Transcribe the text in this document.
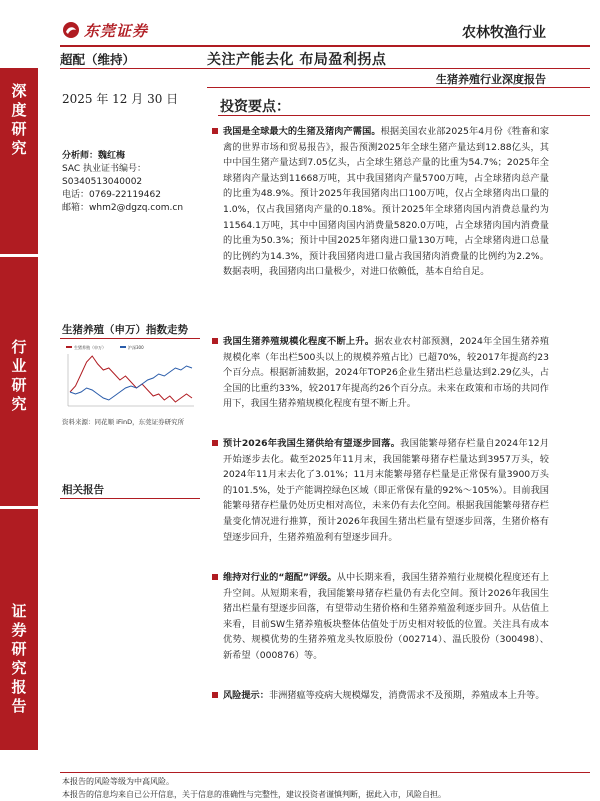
东莞证券	农林牧渔行业
深
度
研
究
行
业
研
究
证
券
研
究
报
告
超配（维持）	关注产能去化 布局盈利拐点
生猪养殖行业深度报告
2025 年 12 月 30 日
分析师：魏红梅
SAC 执业证书编号：
S0340513040002
电话：0769-22119462
邮箱：whm2@dgzq.com.cn
生猪养殖（申万）指数走势
生猪养殖（申万）	沪深300
资料来源：同花顺 iFinD，东莞证券研究所
相关报告
投资要点：
我国是全球最大的生猪及猪肉产需国。根据美国农业部2025年4月份《牲畜和家禽的世界市场和贸易报告》，报告预测2025年全球生猪产量达到12.88亿头，其中中国生猪产量达到7.05亿头，占全球生猪总产量的比重为54.7%；2025年全球猪肉产量达到11668万吨，其中我国猪肉产量5700万吨，占全球猪肉总产量的比重为48.9%。预计2025年我国猪肉出口100万吨，仅占全球猪肉出口量的1.0%，仅占我国猪肉产量的0.18%。预计2025年全球猪肉国内消费总量约为11564.1万吨，其中中国猪肉国内消费量5820.0万吨，占全球猪肉国内消费量的比重为50.3%；预计中国2025年猪肉进口量130万吨，占全球猪肉进口总量的比例约为14.3%，预计我国猪肉进口量占我国猪肉消费量的比例约为2.2%。数据表明，我国猪肉出口量极少，对进口依赖低，基本自给自足。
我国生猪养殖规模化程度不断上升。据农业农村部预测，2024年全国生猪养殖规模化率（年出栏500头以上的规模养殖占比）已超70%，较2017年提高约23个百分点。根据新浦数据，2024年TOP26企业生猪出栏总量达到2.29亿头，占全国的比重约33%，较2017年提高约26个百分点。未来在政策和市场的共同作用下，我国生猪养殖规模化程度有望不断上升。
预计2026年我国生猪供给有望逐步回落。我国能繁母猪存栏量自2024年12月开始逐步去化。截至2025年11月末，我国能繁母猪存栏量达到3957万头，较2024年11月末去化了3.01%；11月末能繁母猪存栏量是正常保有量3900万头的101.5%，处于产能调控绿色区域（即正常保有量的92%～105%）。目前我国能繁母猪存栏量仍处历史相对高位，未来仍有去化空间。根据我国能繁母猪存栏量变化情况进行推算，预计2026年我国生猪出栏量有望逐步回落，生猪价格有望逐步回升，生猪养殖盈利有望逐步回升。
维持对行业的“超配”评级。从中长期来看，我国生猪养殖行业规模化程度还有上升空间。从短期来看，我国能繁母猪存栏量仍有去化空间。预计2026年我国生猪出栏量有望逐步回落，有望带动生猪价格和生猪养殖盈利逐步回升。从估值上来看，目前SW生猪养殖板块整体估值处于历史相对较低的位置。关注具有成本优势、规模优势的生猪养殖龙头牧原股份（002714）、温氏股份（300498）、新希望（000876）等。
风险提示：非洲猪瘟等疫病大规模爆发，消费需求不及预期，养殖成本上升等。
本报告的风险等级为中高风险。
本报告的信息均来自已公开信息，关于信息的准确性与完整性，建议投资者谨慎判断，据此入市，风险自担。
